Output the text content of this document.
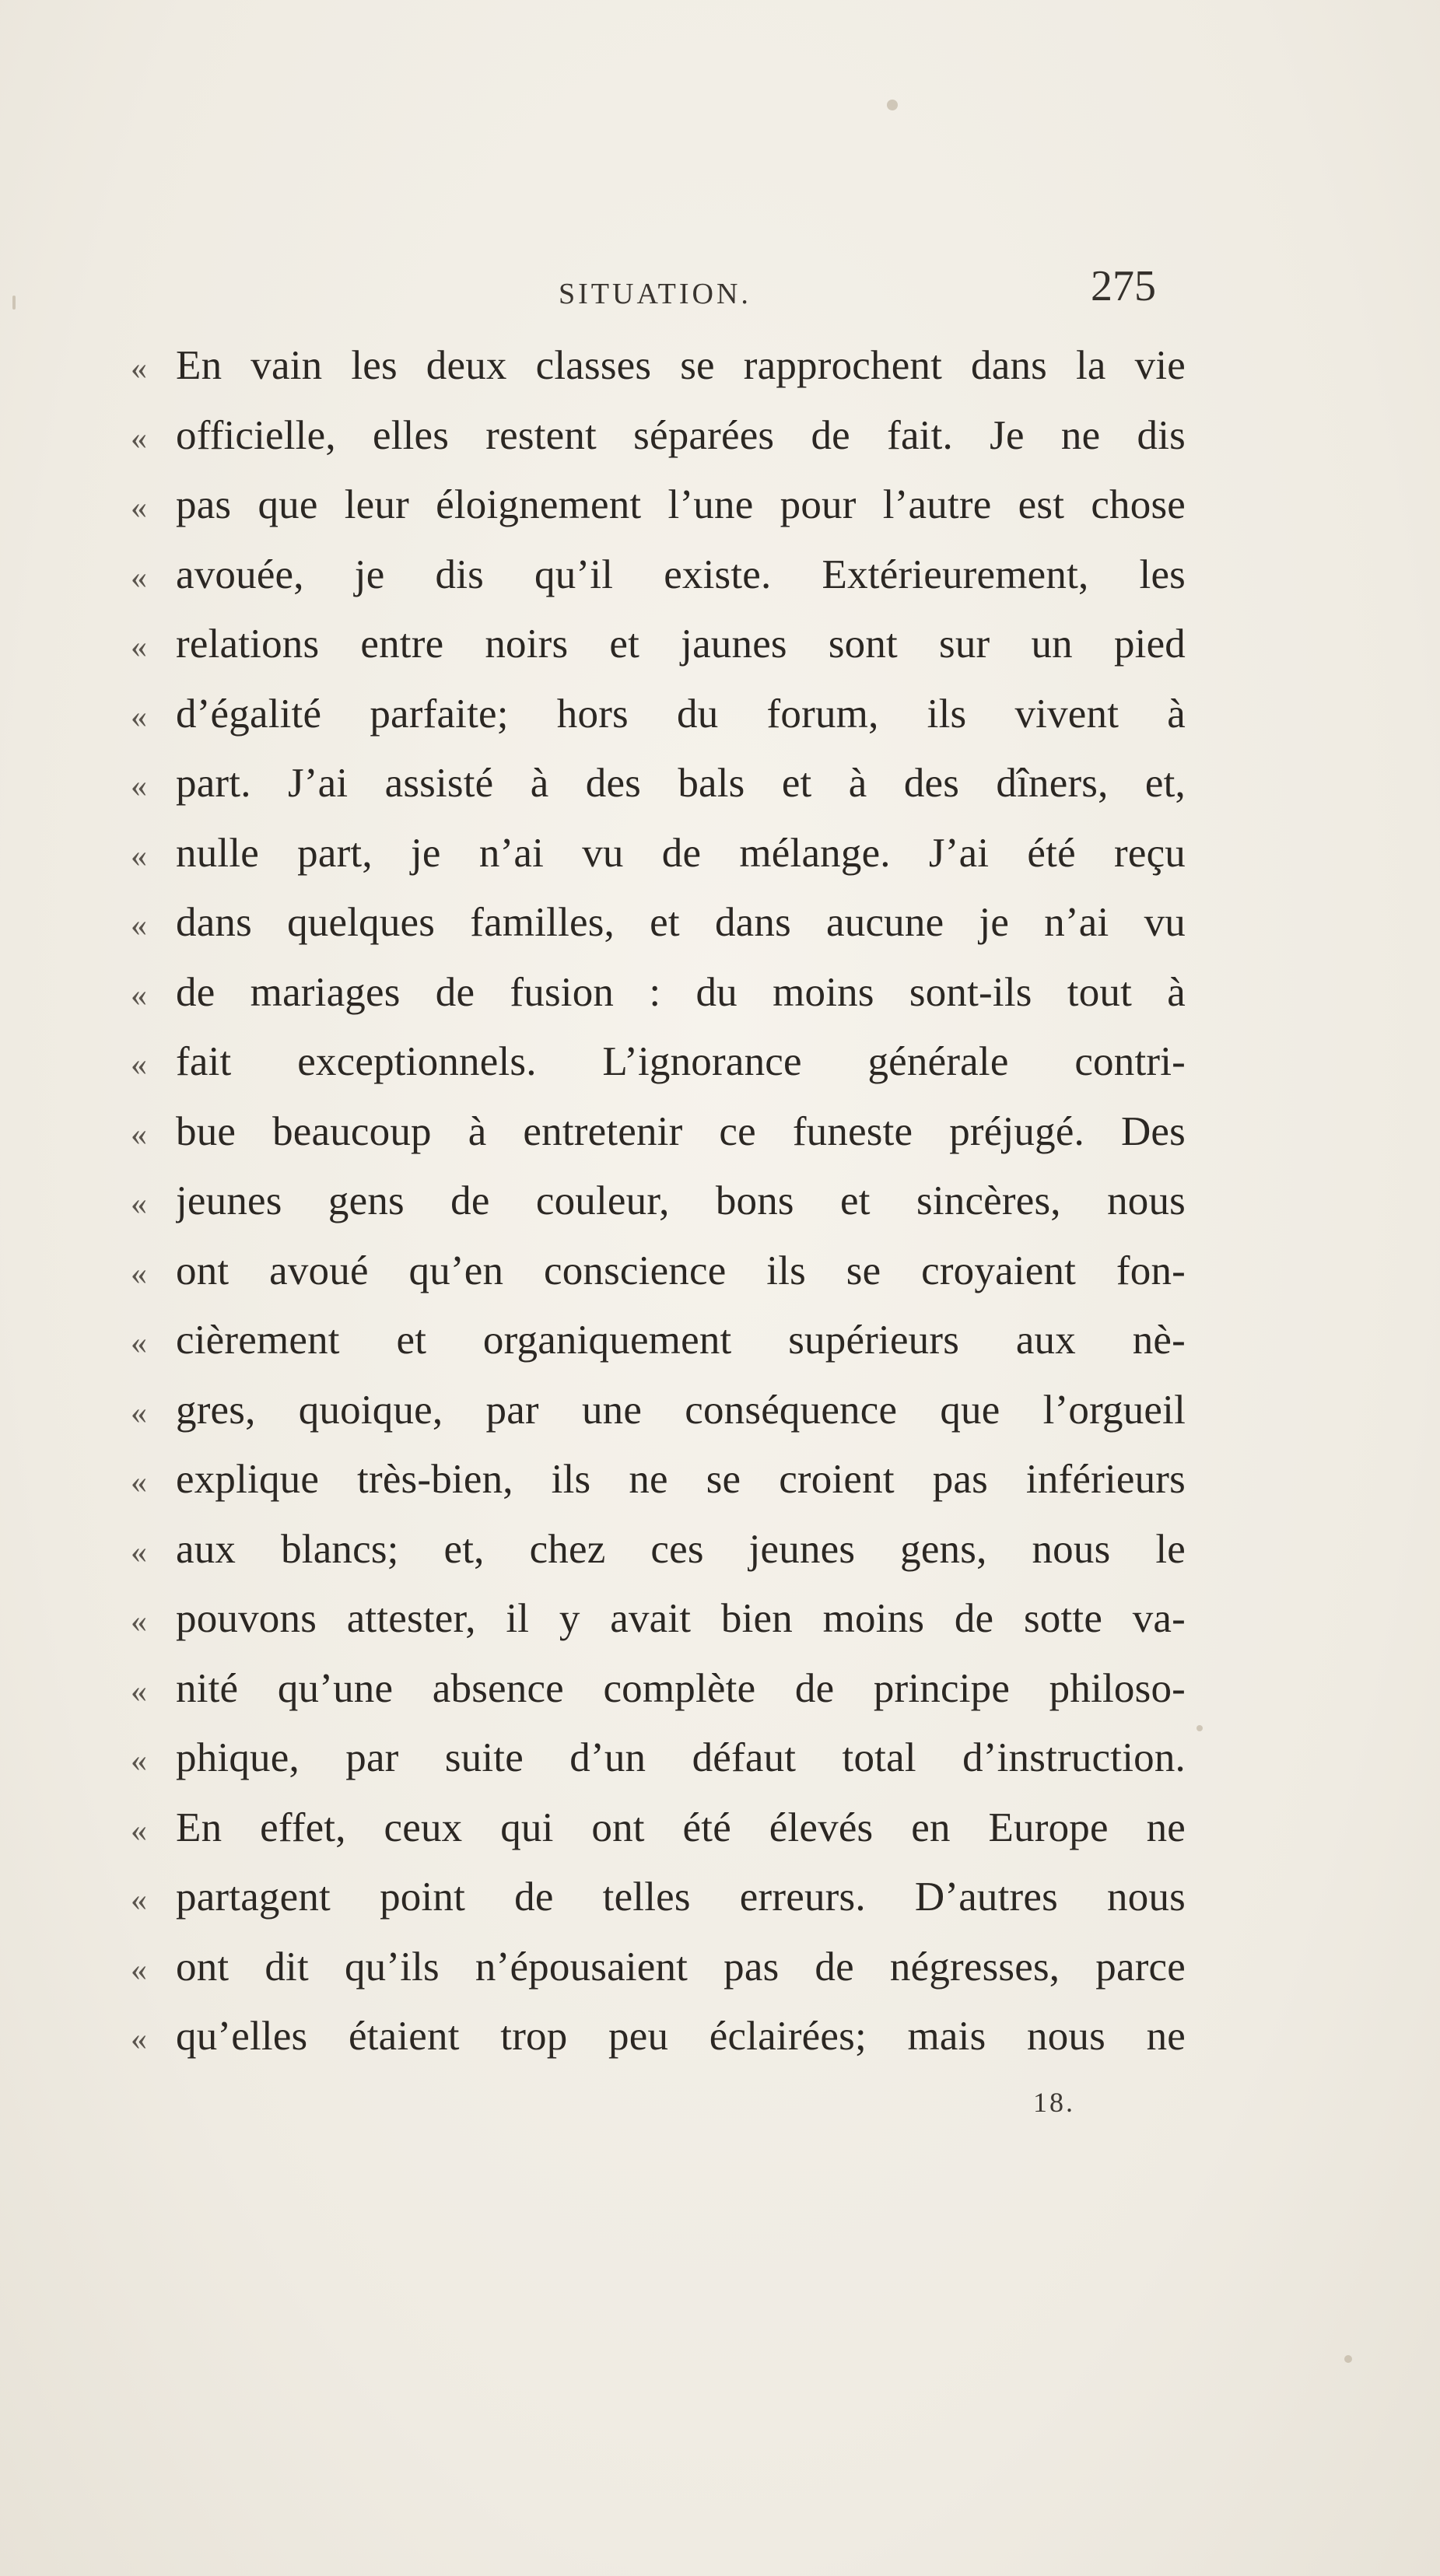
SITUATION.	275
« En vain les deux classes se rapprochent dans la vie
« officielle, elles restent séparées de fait. Je ne dis
« pas que leur éloignement l’une pour l’autre est chose
« avouée, je dis qu’il existe. Extérieurement, les
« relations entre noirs et jaunes sont sur un pied
« d’égalité parfaite; hors du forum, ils vivent à
« part. J’ai assisté à des bals et à des dîners, et,
« nulle part, je n’ai vu de mélange. J’ai été reçu
« dans quelques familles, et dans aucune je n’ai vu
« de mariages de fusion : du moins sont-ils tout à
« fait exceptionnels. L’ignorance générale contri-
« bue beaucoup à entretenir ce funeste préjugé. Des
« jeunes gens de couleur, bons et sincères, nous
« ont avoué qu’en conscience ils se croyaient fon-
« cièrement et organiquement supérieurs aux nè-
« gres, quoique, par une conséquence que l’orgueil
« explique très-bien, ils ne se croient pas inférieurs
« aux blancs; et, chez ces jeunes gens, nous le
« pouvons attester, il y avait bien moins de sotte va-
« nité qu’une absence complète de principe philoso-
« phique, par suite d’un défaut total d’instruction.
« En effet, ceux qui ont été élevés en Europe ne
« partagent point de telles erreurs. D’autres nous
« ont dit qu’ils n’épousaient pas de négresses, parce
« qu’elles étaient trop peu éclairées; mais nous ne
18.
